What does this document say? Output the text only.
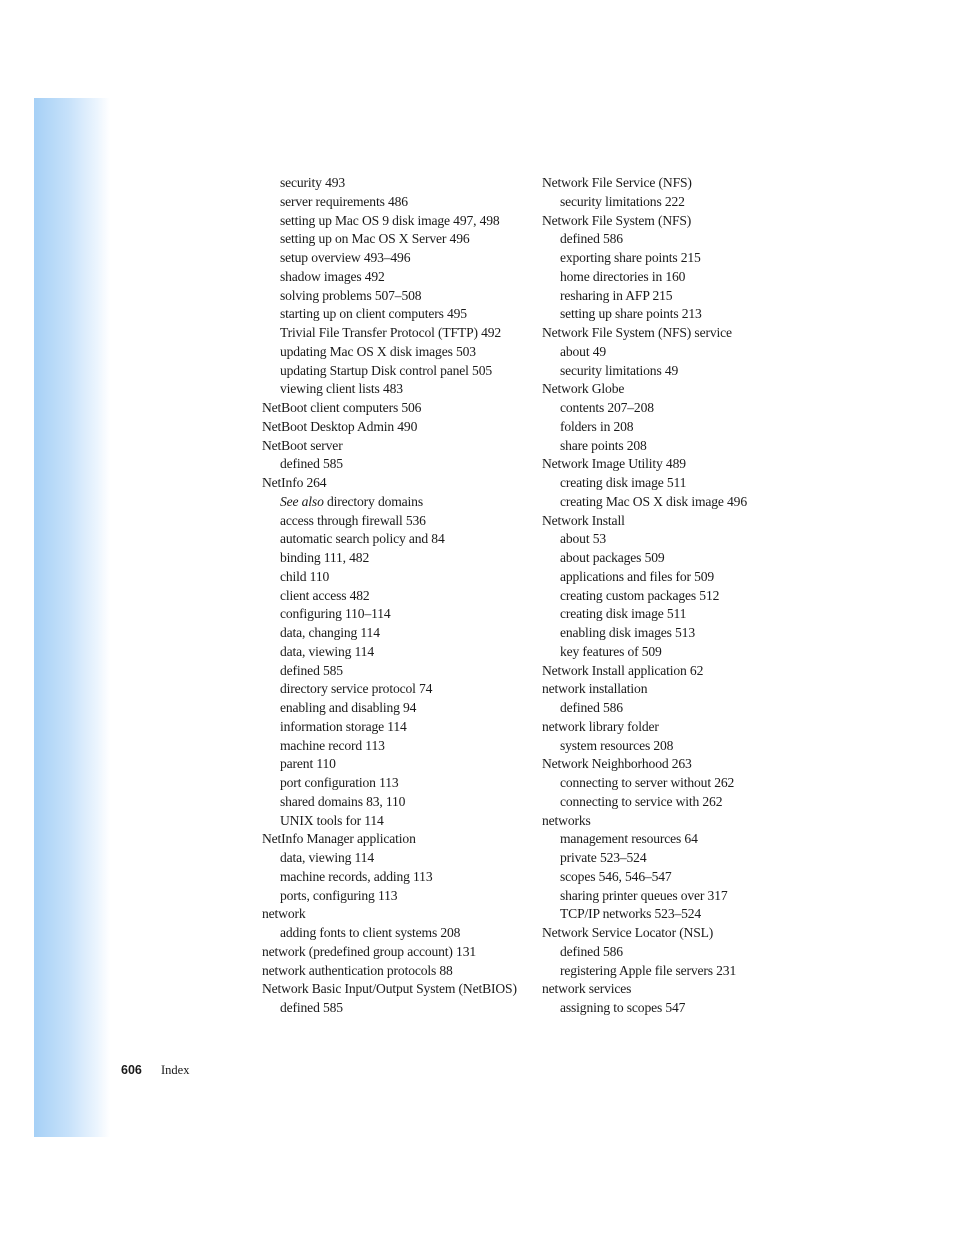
security 493
server requirements 486
setting up Mac OS 9 disk image 497, 498
setting up on Mac OS X Server 496
setup overview 493–496
shadow images 492
solving problems 507–508
starting up on client computers 495
Trivial File Transfer Protocol (TFTP) 492
updating Mac OS X disk images 503
updating Startup Disk control panel 505
viewing client lists 483
NetBoot client computers 506
NetBoot Desktop Admin 490
NetBoot server
defined 585
NetInfo 264
See also directory domains
access through firewall 536
automatic search policy and 84
binding 111, 482
child 110
client access 482
configuring 110–114
data, changing 114
data, viewing 114
defined 585
directory service protocol 74
enabling and disabling 94
information storage 114
machine record 113
parent 110
port configuration 113
shared domains 83, 110
UNIX tools for 114
NetInfo Manager application
data, viewing 114
machine records, adding 113
ports, configuring 113
network
adding fonts to client systems 208
network (predefined group account) 131
network authentication protocols 88
Network Basic Input/Output System (NetBIOS)
defined 585
Network File Service (NFS)
security limitations 222
Network File System (NFS)
defined 586
exporting share points 215
home directories in 160
resharing in AFP 215
setting up share points 213
Network File System (NFS) service
about 49
security limitations 49
Network Globe
contents 207–208
folders in 208
share points 208
Network Image Utility 489
creating disk image 511
creating Mac OS X disk image 496
Network Install
about 53
about packages 509
applications and files for 509
creating custom packages 512
creating disk image 511
enabling disk images 513
key features of 509
Network Install application 62
network installation
defined 586
network library folder
system resources 208
Network Neighborhood 263
connecting to server without 262
connecting to service with 262
networks
management resources 64
private 523–524
scopes 546, 546–547
sharing printer queues over 317
TCP/IP networks 523–524
Network Service Locator (NSL)
defined 586
registering Apple file servers 231
network services
assigning to scopes 547
606 Index
